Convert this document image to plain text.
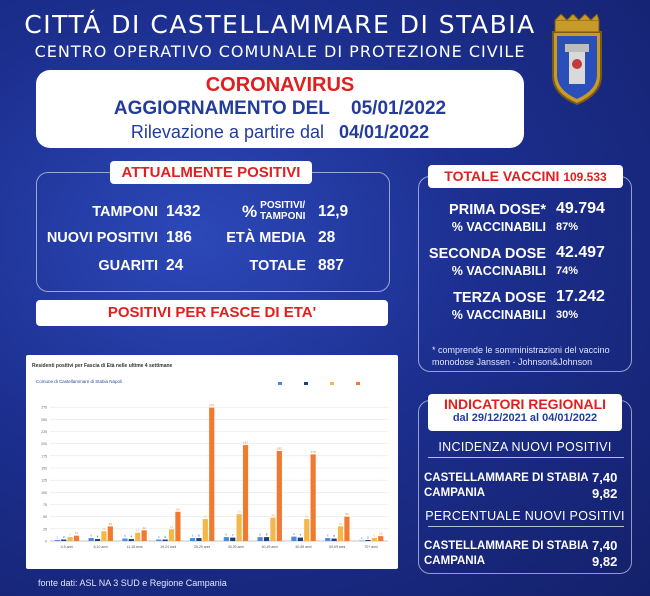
CITTÁ DI CASTELLAMMARE DI STABIA
CENTRO OPERATIVO COMUNALE DI PROTEZIONE CIVILE
CORONAVIRUS
AGGIORNAMENTO DEL 05/01/2022
Rilevazione a partire dal 04/01/2022
ATTUALMENTE POSITIVI
TAMPONI 1432
NUOVI POSITIVI 186
GUARITI 24
% POSITIVI/
TAMPONI 12,9
ETÀ MEDIA 28
TOTALE 887
POSITIVI PER FASCE DI ETA'
Residenti positivi per Fascia di Età nelle ultime 4 settimane
Comune di Castellammare di Stabia Napoli
0
25
50
75
100
125
150
175
200
225
250
275
2 3
8 11
0-5 anni
6 4
20
30
6-10 anni
5 4
17
22
11-18 anni
3 3
24
60
19-24 anni
6 6
45
274
25-29 anni
8 7
55
197
30-39 anni
8 8
48
185
40-49 anni
9 7
45
178
50-59 anni
6 5
30
50
60-69 anni
1 2 6 10
70+ anni
fonte dati: ASL NA 3 SUD e Regione Campania
TOTALE VACCINI 109.533
PRIMA DOSE* 49.794
% VACCINABILI 87%
SECONDA DOSE 42.497
% VACCINABILI 74%
TERZA DOSE 17.242
% VACCINABILI 30%
* comprende le somministrazioni del vaccino monodose Janssen - Johnson&Johnson
INDICATORI REGIONALI
dal 29/12/2021 al 04/01/2022
INCIDENZA NUOVI POSITIVI
CASTELLAMMARE DI STABIA 7,40
CAMPANIA	9,82
PERCENTUALE NUOVI POSITIVI
CASTELLAMMARE DI STABIA 7,40
CAMPANIA	9,82
